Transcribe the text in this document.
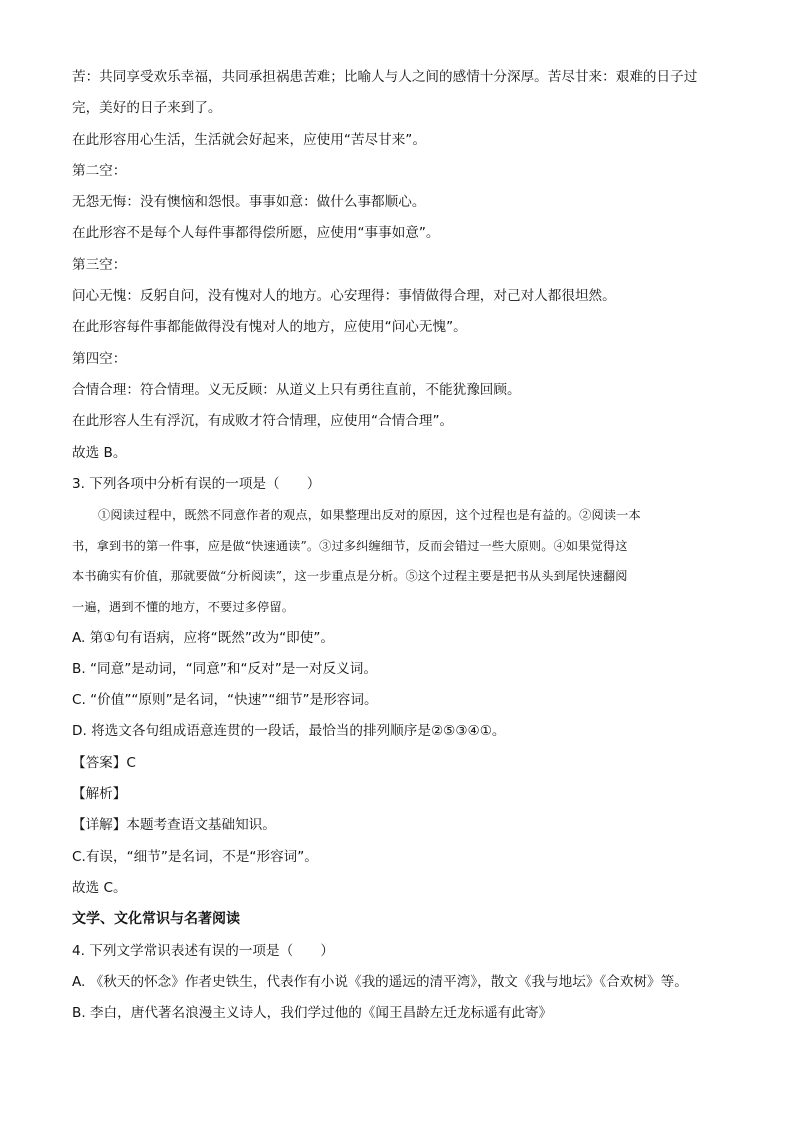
苦：共同享受欢乐幸福，共同承担祸患苦难；比喻人与人之间的感情十分深厚。苦尽甘来：艰难的日子过
完，美好的日子来到了。
在此形容用心生活，生活就会好起来，应使用“苦尽甘来”。
第二空：
无怨无悔：没有懊恼和怨恨。事事如意：做什么事都顺心。
在此形容不是每个人每件事都得偿所愿，应使用“事事如意”。
第三空：
问心无愧：反躬自问，没有愧对人的地方。心安理得：事情做得合理，对己对人都很坦然。
在此形容每件事都能做得没有愧对人的地方，应使用“问心无愧”。
第四空：
合情合理：符合情理。义无反顾：从道义上只有勇往直前，不能犹豫回顾。
在此形容人生有浮沉，有成败才符合情理，应使用“合情合理”。
故选 B。
3. 下列各项中分析有误的一项是（　　）
①阅读过程中，既然不同意作者的观点，如果整理出反对的原因，这个过程也是有益的。②阅读一本
书，拿到书的第一件事，应是做“快速通读”。③过多纠缠细节，反而会错过一些大原则。④如果觉得这
本书确实有价值，那就要做“分析阅读”，这一步重点是分析。⑤这个过程主要是把书从头到尾快速翻阅
一遍，遇到不懂的地方，不要过多停留。
A. 第①句有语病，应将“既然”改为“即使”。
B. “同意”是动词，“同意”和“反对”是一对反义词。
C. “价值”“原则”是名词，“快速”“细节”是形容词。
D. 将选文各句组成语意连贯的一段话，最恰当的排列顺序是②⑤③④①。
【答案】C
【解析】
【详解】本题考查语文基础知识。
C.有误，“细节”是名词，不是“形容词”。
故选 C。
文学、文化常识与名著阅读
4. 下列文学常识表述有误的一项是（　　）
A. 《秋天的怀念》作者史铁生，代表作有小说《我的遥远的清平湾》，散文《我与地坛》《合欢树》等。
B. 李白，唐代著名浪漫主义诗人，我们学过他的《闻王昌龄左迁龙标遥有此寄》
